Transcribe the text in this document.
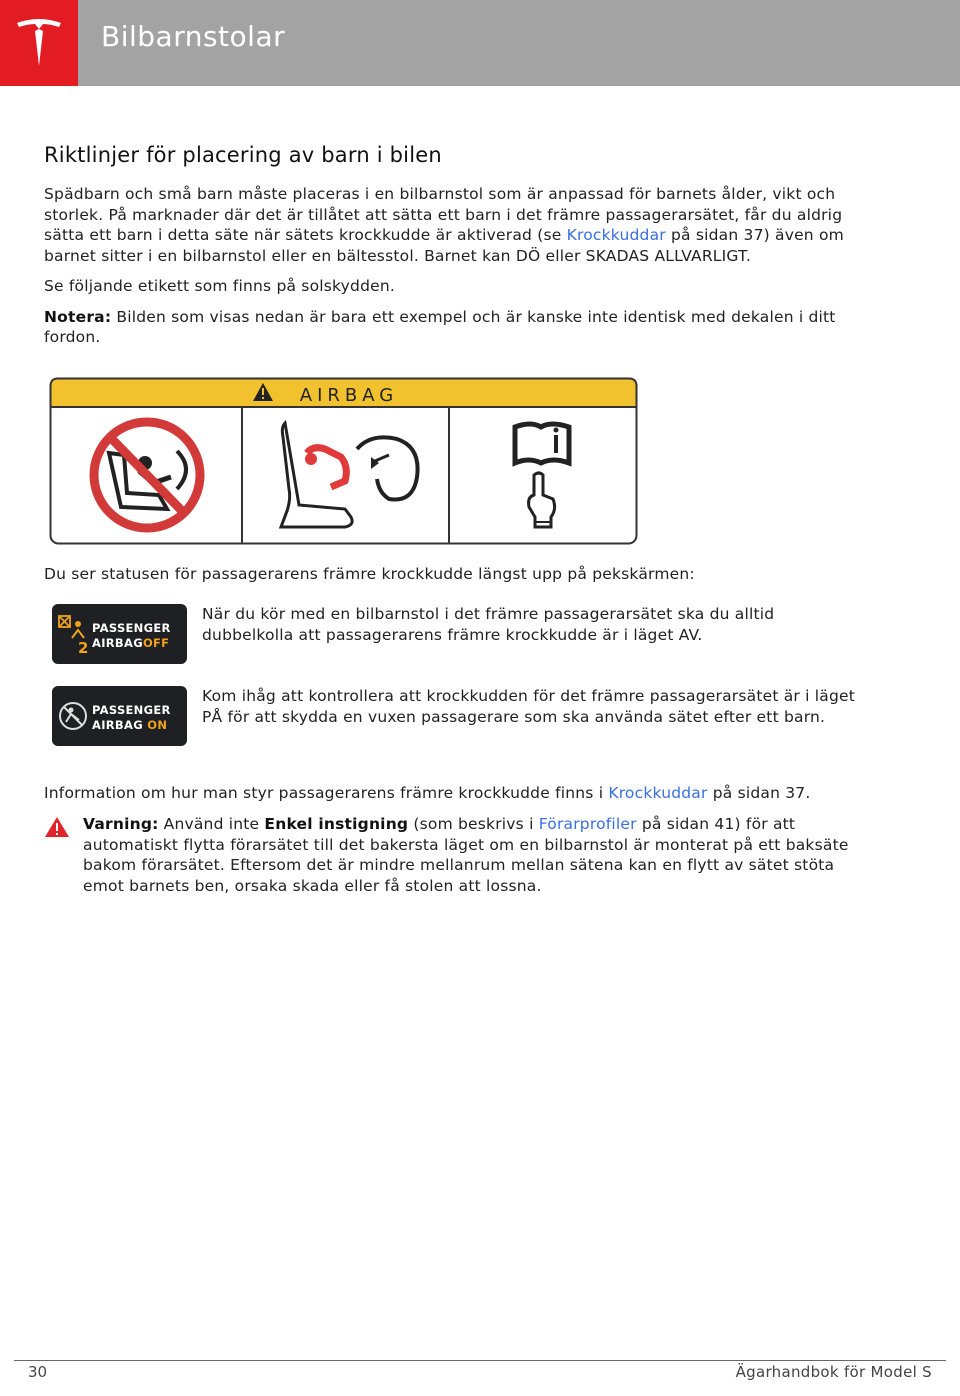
Bilbarnstolar
Riktlinjer för placering av barn i bilen

Spädbarn och små barn måste placeras i en bilbarnstol som är anpassad för barnets ålder, vikt och storlek. På marknader där det är tillåtet att sätta ett barn i det främre passagerarsätet, får du aldrig sätta ett barn i detta säte när sätets krockkudde är aktiverad (se Krockkuddar på sidan 37) även om barnet sitter i en bilbarnstol eller en bältesstol. Barnet kan DÖ eller SKADAS ALLVARLIGT.

Se följande etikett som finns på solskydden.

Notera: Bilden som visas nedan är bara ett exempel och är kanske inte identisk med dekalen i ditt fordon.

AIRBAG
Du ser statusen för passagerarens främre krockkudde längst upp på pekskärmen:
2
PASSENGER
AIRBAGOFF
När du kör med en bilbarnstol i det främre passagerarsätet ska du alltid dubbelkolla att passagerarens främre krockkudde är i läget AV.
PASSENGER
AIRBAG ON
Kom ihåg att kontrollera att krockkudden för det främre passagerarsätet är i läget PÅ för att skydda en vuxen passagerare som ska använda sätet efter ett barn.
Information om hur man styr passagerarens främre krockkudde finns i Krockkuddar på sidan 37.
Varning: Använd inte Enkel instigning (som beskrivs i Förarprofiler på sidan 41) för att automatiskt flytta förarsätet till det bakersta läget om en bilbarnstol är monterat på ett baksäte bakom förarsätet. Eftersom det är mindre mellanrum mellan sätena kan en flytt av sätet stöta emot barnets ben, orsaka skada eller få stolen att lossna.
30	Ägarhandbok för Model S
